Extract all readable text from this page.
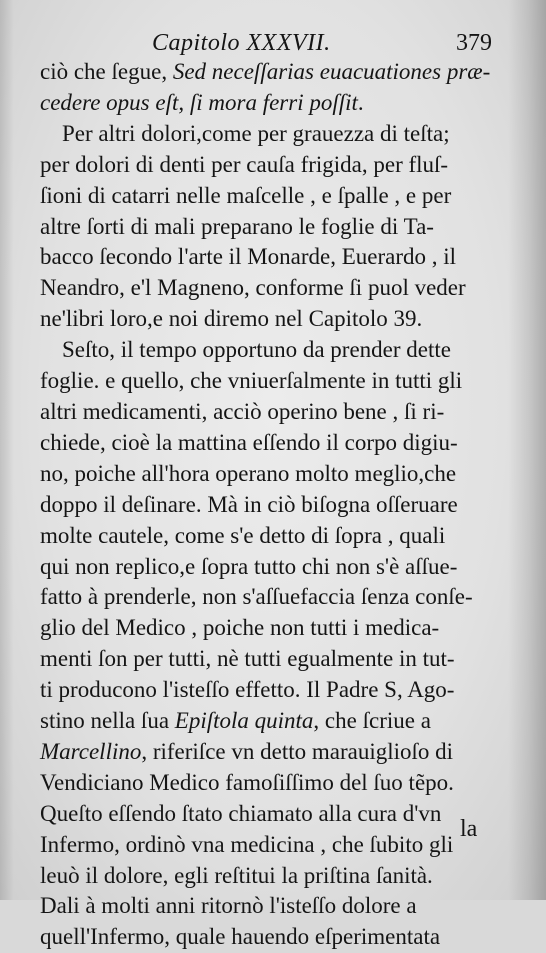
Capitolo XXXVII.	379
ciò che ſegue, Sed neceſſarias euacuationes præ-
cedere opus eſt, ſi mora ferri poſſit.
Per altri dolori,come per grauezza di teſta;
per dolori di denti per cauſa frigida, per fluſ-
ſioni di catarri nelle maſcelle , e ſpalle , e per
altre ſorti di mali preparano le foglie di Ta-
bacco ſecondo l'arte il Monarde, Euerardo , il
Neandro, e'l Magneno, conforme ſi puol veder
ne'libri loro,e noi diremo nel Capitolo 39.
Seſto, il tempo opportuno da prender dette
foglie. e quello, che vniuerſalmente in tutti gli
altri medicamenti, acciò operino bene , ſi ri-
chiede, cioè la mattina eſſendo il corpo digiu-
no, poiche all'hora operano molto meglio,che
doppo il deſinare. Mà in ciò biſogna oſſeruare
molte cautele, come s'e detto di ſopra , quali
qui non replico,e ſopra tutto chi non s'è aſſue-
fatto à prenderle, non s'aſſuefaccia ſenza conſe-
glio del Medico , poiche non tutti i medica-
menti ſon per tutti, nè tutti egualmente in tut-
ti producono l'isteſſo effetto. Il Padre S, Ago-
stino nella ſua Epiſtola quinta, che ſcriue a
Marcellino, riferiſce vn detto marauiglioſo di
Vendiciano Medico famoſiſſimo del ſuo tẽpo.
Queſto eſſendo ſtato chiamato alla cura d'vn
Infermo, ordinò vna medicina , che ſubito gli
leuò il dolore, egli reſtitui la priſtina ſanità.
Dali à molti anni ritornò l'isteſſo dolore a
quell'Infermo, quale hauendo eſperimentata
la
